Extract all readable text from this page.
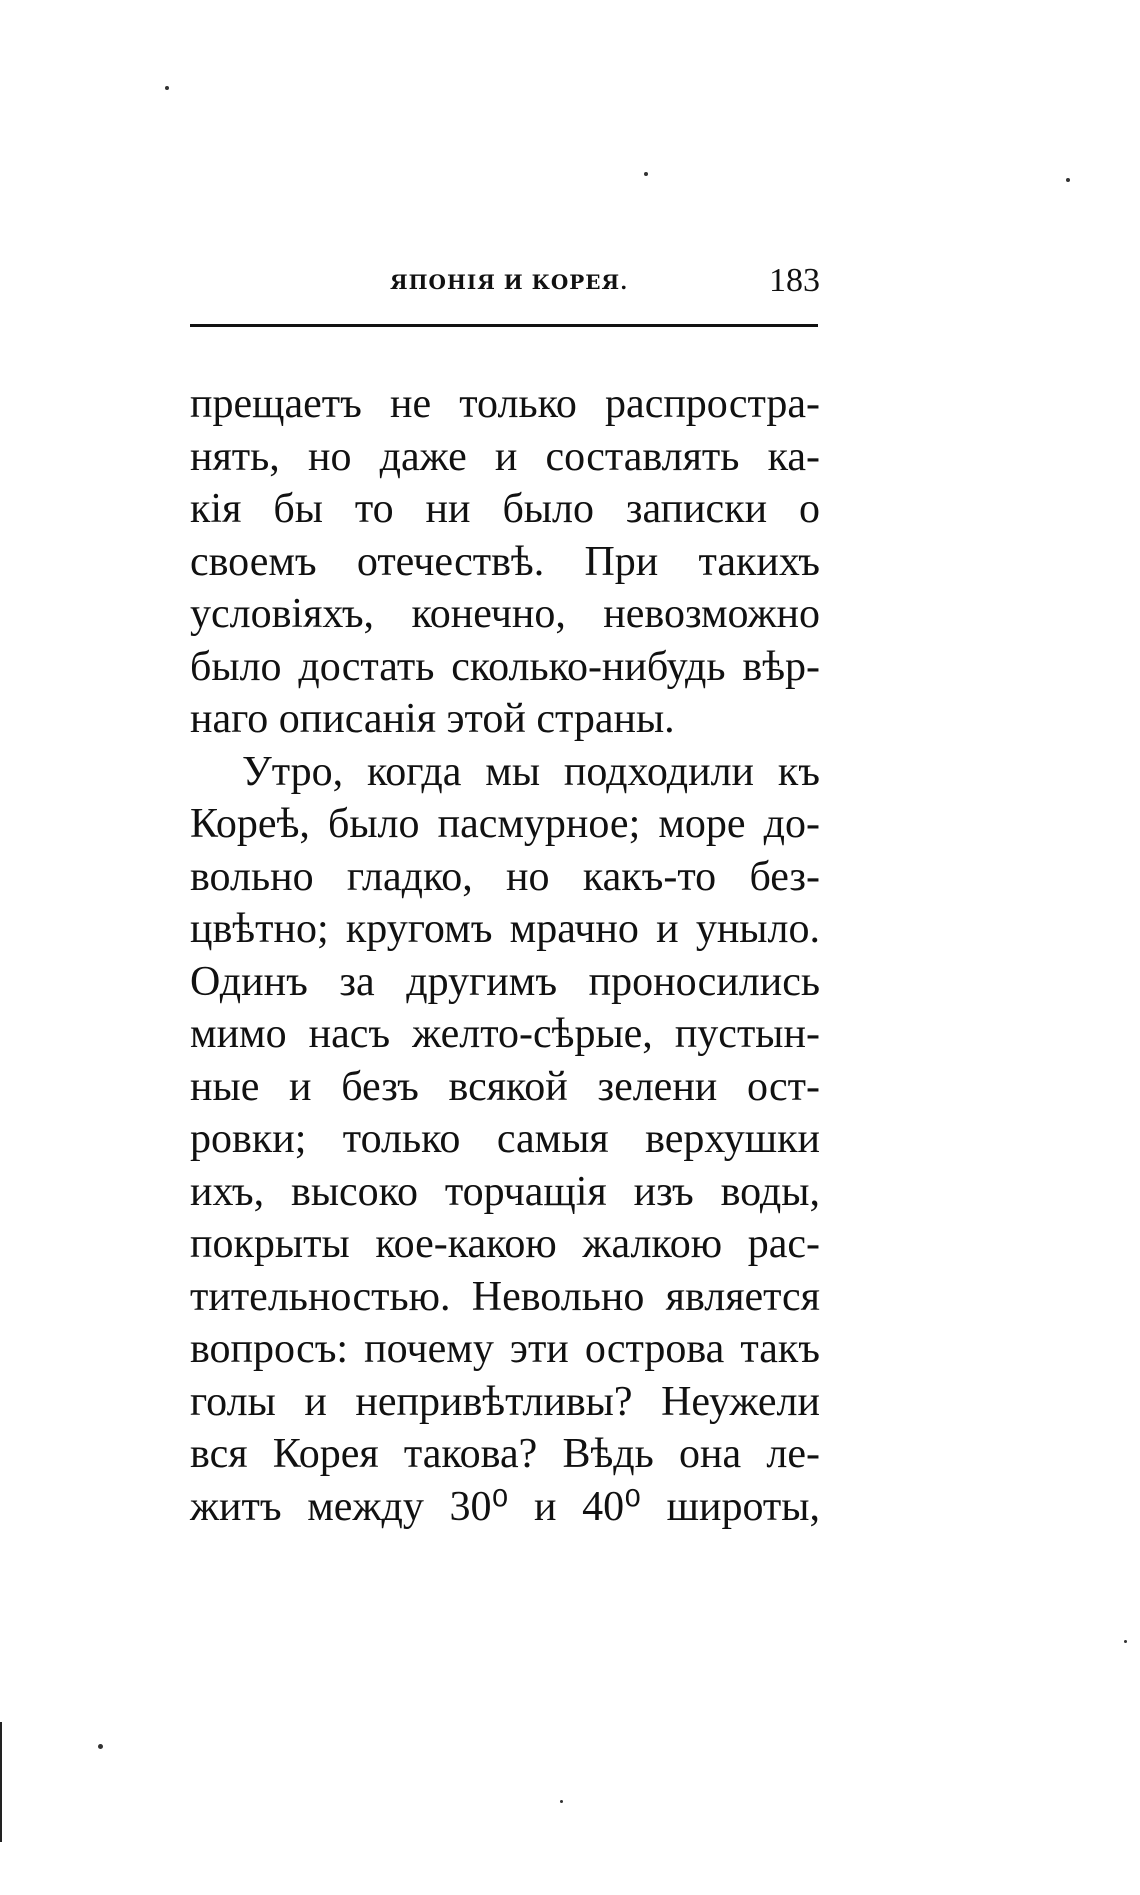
ЯПОНІЯ И КОРЕЯ.	183
прещаетъ не только распростра-
нять, но даже и составлять ка-
кія бы то ни было записки о
своемъ отечествѣ. При такихъ
условіяхъ, конечно, невозможно
было достать сколько-нибудь вѣр-
наго описанія этой страны.
Утро, когда мы подходили къ
Кореѣ, было пасмурное; море до-
вольно гладко, но какъ-то без-
цвѣтно; кругомъ мрачно и уныло.
Одинъ за другимъ проносились
мимо насъ желто-сѣрые, пустын-
ные и безъ всякой зелени ост-
ровки; только самыя верхушки
ихъ, высоко торчащія изъ воды,
покрыты кое-какою жалкою рас-
тительностью. Невольно является
вопросъ: почему эти острова такъ
голы и непривѣтливы? Неужели
вся Корея такова? Вѣдь она ле-
житъ между 30⁰ и 40⁰ широты,
